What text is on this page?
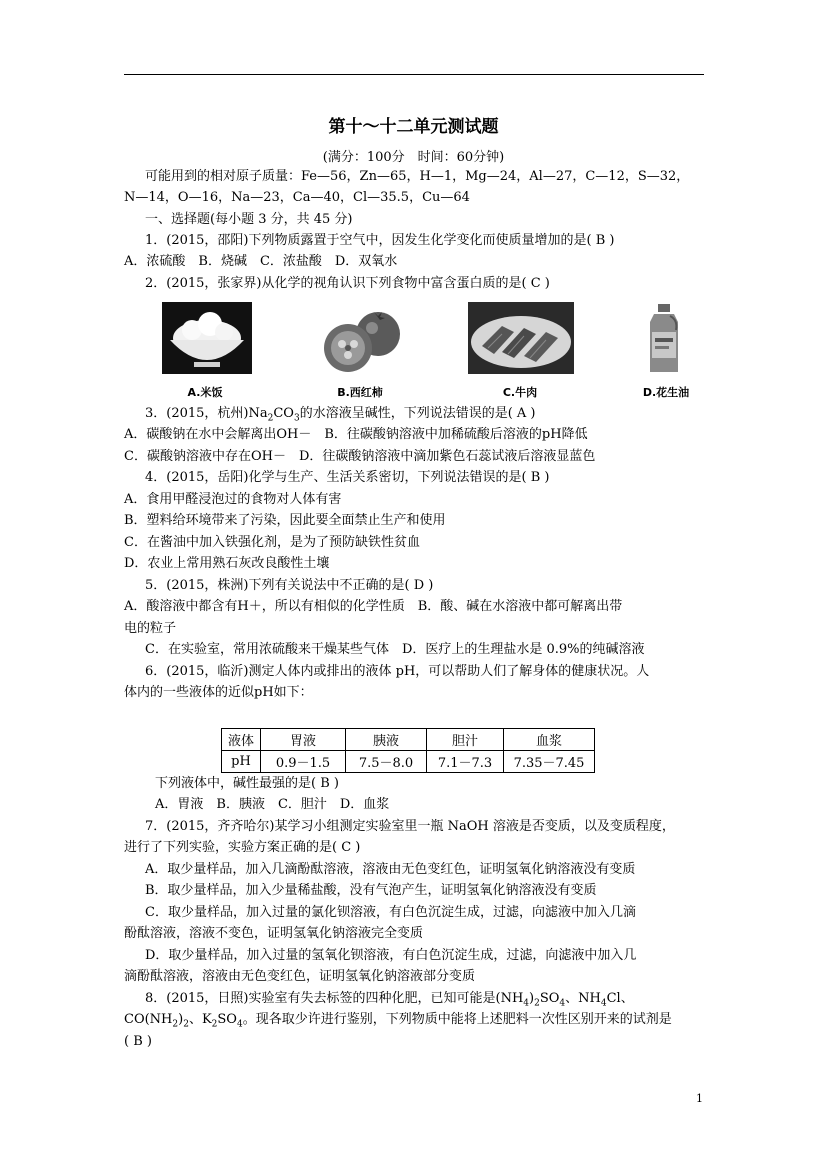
第十～十二单元测试题
(满分：100分　时间：60分钟)
可能用到的相对原子质量：Fe—56，Zn—65，H—1，Mg—24，Al—27，C—12，S—32，
N—14，O—16，Na—23，Ca—40，Cl—35.5，Cu—64
一、选择题(每小题 3 分，共 45 分)
1．(2015，邵阳)下列物质露置于空气中，因发生化学变化而使质量增加的是( B )
A．浓硫酸　B．烧碱　C．浓盐酸　D．双氧水
2．(2015，张家界)从化学的视角认识下列食物中富含蛋白质的是( C )
A.米饭	B.西红柿	C.牛肉	D.花生油
3．(2015，杭州)$Na_2CO_3$的水溶液呈碱性，下列说法错误的是( A )
A．碳酸钠在水中会解离出OH－　B．往碳酸钠溶液中加稀硫酸后溶液的pH降低
C．碳酸钠溶液中存在OH－　D．往碳酸钠溶液中滴加紫色石蕊试液后溶液显蓝色
4．(2015，岳阳)化学与生产、生活关系密切，下列说法错误的是( B )
A．食用甲醛浸泡过的食物对人体有害
B．塑料给环境带来了污染，因此要全面禁止生产和使用
C．在酱油中加入铁强化剂，是为了预防缺铁性贫血
D．农业上常用熟石灰改良酸性土壤
5．(2015，株洲)下列有关说法中不正确的是( D )
A．酸溶液中都含有H＋，所以有相似的化学性质　B．酸、碱在水溶液中都可解离出带
电的粒子
C．在实验室，常用浓硫酸来干燥某些气体　D．医疗上的生理盐水是 0.9%的纯碱溶液
6．(2015，临沂)测定人体内或排出的液体 pH，可以帮助人们了解身体的健康状况。人
体内的一些液体的近似pH如下：
液体	胃液	胰液	胆汁	血浆
pH	0.9－1.5	7.5－8.0	7.1－7.3	7.35－7.45
下列液体中，碱性最强的是( B )
A．胃液　B．胰液　C．胆汁　D．血浆
7．(2015，齐齐哈尔)某学习小组测定实验室里一瓶 NaOH 溶液是否变质，以及变质程度，
进行了下列实验，实验方案正确的是( C )
A．取少量样品，加入几滴酚酞溶液，溶液由无色变红色，证明氢氧化钠溶液没有变质
B．取少量样品，加入少量稀盐酸，没有气泡产生，证明氢氧化钠溶液没有变质
C．取少量样品，加入过量的氯化钡溶液，有白色沉淀生成，过滤，向滤液中加入几滴
酚酞溶液，溶液不变色，证明氢氧化钠溶液完全变质
D．取少量样品，加入过量的氢氧化钡溶液，有白色沉淀生成，过滤，向滤液中加入几
滴酚酞溶液，溶液由无色变红色，证明氢氧化钠溶液部分变质
8．(2015，日照)实验室有失去标签的四种化肥，已知可能是$(NH_4)_2SO_4$、$NH_4Cl$、
$CO(NH_2)_2$、$K_2SO_4$。现各取少许进行鉴别，下列物质中能将上述肥料一次性区别开来的试剂是
( B )
1
